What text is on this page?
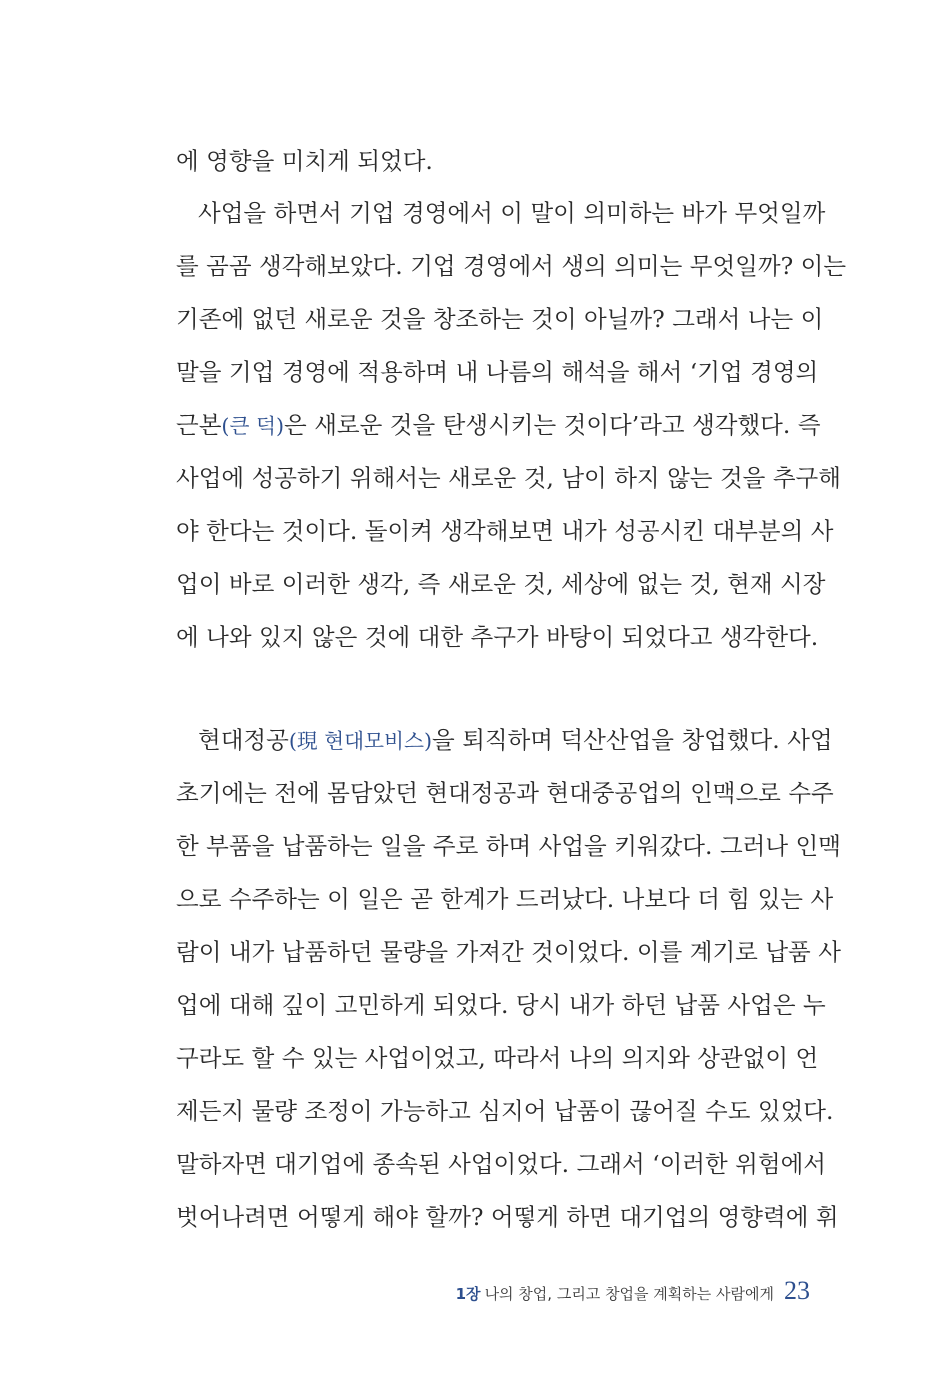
에 영향을 미치게 되었다.
사업을 하면서 기업 경영에서 이 말이 의미하는 바가 무엇일까
를 곰곰 생각해보았다. 기업 경영에서 생의 의미는 무엇일까? 이는
기존에 없던 새로운 것을 창조하는 것이 아닐까? 그래서 나는 이
말을 기업 경영에 적용하며 내 나름의 해석을 해서 ‘기업 경영의
근본(큰 덕)은 새로운 것을 탄생시키는 것이다’라고 생각했다. 즉
사업에 성공하기 위해서는 새로운 것, 남이 하지 않는 것을 추구해
야 한다는 것이다. 돌이켜 생각해보면 내가 성공시킨 대부분의 사
업이 바로 이러한 생각, 즉 새로운 것, 세상에 없는 것, 현재 시장
에 나와 있지 않은 것에 대한 추구가 바탕이 되었다고 생각한다.
현대정공(現 현대모비스)을 퇴직하며 덕산산업을 창업했다. 사업
초기에는 전에 몸담았던 현대정공과 현대중공업의 인맥으로 수주
한 부품을 납품하는 일을 주로 하며 사업을 키워갔다. 그러나 인맥
으로 수주하는 이 일은 곧 한계가 드러났다. 나보다 더 힘 있는 사
람이 내가 납품하던 물량을 가져간 것이었다. 이를 계기로 납품 사
업에 대해 깊이 고민하게 되었다. 당시 내가 하던 납품 사업은 누
구라도 할 수 있는 사업이었고, 따라서 나의 의지와 상관없이 언
제든지 물량 조정이 가능하고 심지어 납품이 끊어질 수도 있었다.
말하자면 대기업에 종속된 사업이었다. 그래서 ‘이러한 위험에서
벗어나려면 어떻게 해야 할까? 어떻게 하면 대기업의 영향력에 휘
1장 나의 창업, 그리고 창업을 계획하는 사람에게 23
